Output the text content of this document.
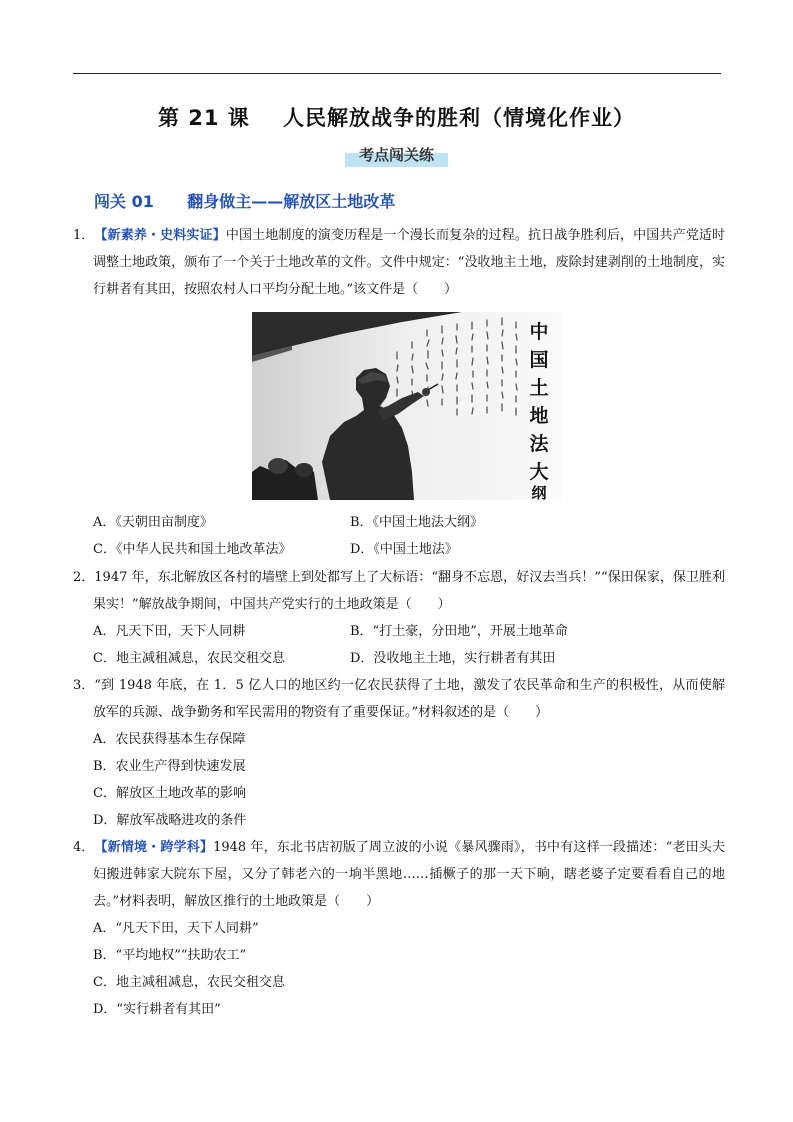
第 21 课    人民解放战争的胜利（情境化作业）
考点闯关练
闯关 01      翻身做主——解放区土地改革

1．【新素养・史料实证】中国土地制度的演变历程是一个漫长而复杂的过程。抗日战争胜利后，中国共产党适时调整土地政策，颁布了一个关于土地改革的文件。文件中规定：“没收地主土地，废除封建剥削的土地制度，实行耕者有其田，按照农村人口平均分配土地。”该文件是（　　）

中
国
土
地
法
大
纲
A．《天朝田亩制度》	B．《中国土地法大纲》
C．《中华人民共和国土地改革法》	D．《中国土地法》

2．1947 年，东北解放区各村的墙壁上到处都写上了大标语：“翻身不忘恩，好汉去当兵！”“保田保家，保卫胜利果实！”解放战争期间，中国共产党实行的土地政策是（　　）

A．凡天下田，天下人同耕	B．“打土豪，分田地”，开展土地革命
C．地主减租减息，农民交租交息	D．没收地主土地，实行耕者有其田

3．“到 1948 年底，在 1．5 亿人口的地区约一亿农民获得了土地，激发了农民革命和生产的积极性，从而使解放军的兵源、战争勤务和军民需用的物资有了重要保证。”材料叙述的是（　　）

A．农民获得基本生存保障
B．农业生产得到快速发展
C．解放区土地改革的影响
D．解放军战略进攻的条件

4．【新情境・跨学科】1948 年，东北书店初版了周立波的小说《暴风骤雨》，书中有这样一段描述：“老田头夫妇搬进韩家大院东下屋，又分了韩老六的一垧半黑地……插橛子的那一天下晌，瞎老婆子定要看看自己的地去。”材料表明，解放区推行的土地政策是（　　）

A．“凡天下田，天下人同耕”
B．“平均地权”“扶助农工”
C．地主减租减息，农民交租交息
D．“实行耕者有其田”
